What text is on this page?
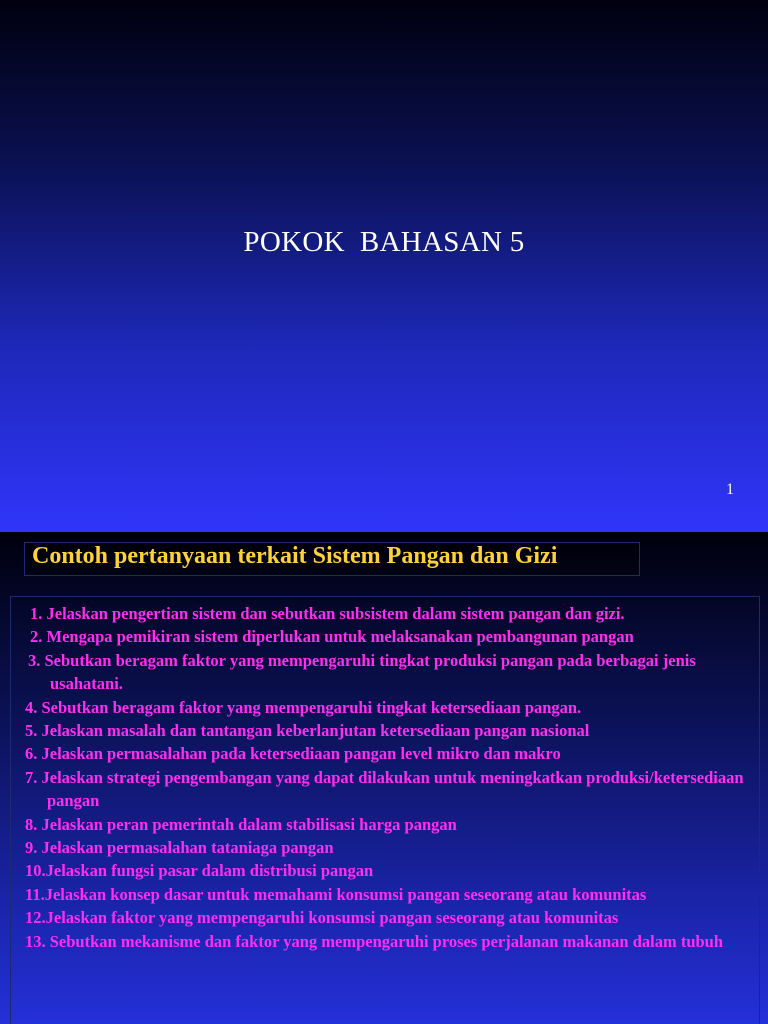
POKOK  BAHASAN 5
1
Contoh pertanyaan terkait Sistem Pangan dan Gizi
1. Jelaskan pengertian sistem dan sebutkan subsistem dalam sistem pangan dan gizi.
2. Mengapa pemikiran sistem diperlukan untuk melaksanakan pembangunan pangan
3. Sebutkan beragam faktor yang mempengaruhi tingkat produksi pangan pada berbagai jenis usahatani.
4. Sebutkan beragam faktor yang mempengaruhi tingkat ketersediaan pangan.
5. Jelaskan masalah dan tantangan keberlanjutan ketersediaan pangan nasional
6. Jelaskan permasalahan pada ketersediaan pangan level mikro dan makro
7. Jelaskan strategi pengembangan yang dapat dilakukan untuk meningkatkan produksi/ketersediaan pangan
8. Jelaskan peran pemerintah dalam stabilisasi harga pangan
9. Jelaskan permasalahan tataniaga pangan
10.Jelaskan fungsi pasar dalam distribusi pangan
11.Jelaskan konsep dasar untuk memahami konsumsi pangan seseorang atau komunitas
12.Jelaskan faktor yang mempengaruhi konsumsi pangan seseorang atau komunitas
13. Sebutkan mekanisme dan faktor yang mempengaruhi proses perjalanan makanan dalam tubuh
